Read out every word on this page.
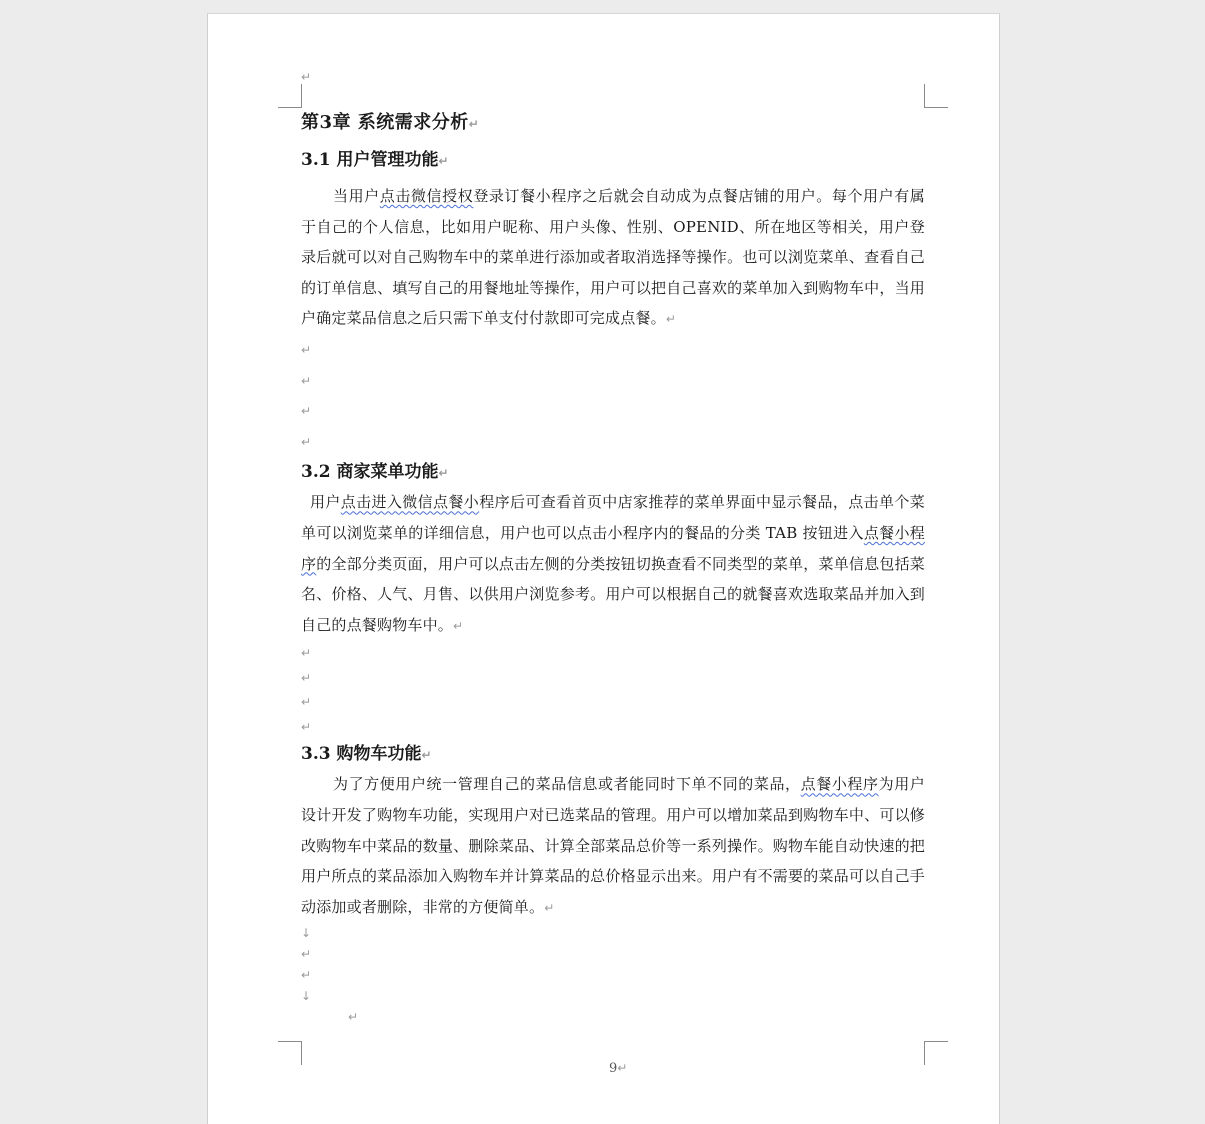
↵
第3章 系统需求分析↵
3.1 用户管理功能↵

当用户点击微信授权登录订餐小程序之后就会自动成为点餐店铺的用户。每个用户有属于自己的个人信息，比如用户昵称、用户头像、性别、OPENID、所在地区等相关，用户登录后就可以对自己购物车中的菜单进行添加或者取消选择等操作。也可以浏览菜单、查看自己的订单信息、填写自己的用餐地址等操作，用户可以把自己喜欢的菜单加入到购物车中，当用户确定菜品信息之后只需下单支付付款即可完成点餐。↵

↵
↵
↵
↵
3.2 商家菜单功能↵

用户点击进入微信点餐小程序后可查看首页中店家推荐的菜单界面中显示餐品，点击单个菜单可以浏览菜单的详细信息，用户也可以点击小程序内的餐品的分类 TAB 按钮进入点餐小程序的全部分类页面，用户可以点击左侧的分类按钮切换查看不同类型的菜单，菜单信息包括菜名、价格、人气、月售、以供用户浏览参考。用户可以根据自己的就餐喜欢选取菜品并加入到自己的点餐购物车中。↵

↵
↵
↵
↵
3.3 购物车功能↵

为了方便用户统一管理自己的菜品信息或者能同时下单不同的菜品，点餐小程序为用户设计开发了购物车功能，实现用户对已选菜品的管理。用户可以增加菜品到购物车中、可以修改购物车中菜品的数量、删除菜品、计算全部菜品总价等一系列操作。购物车能自动快速的把用户所点的菜品添加入购物车并计算菜品的总价格显示出来。用户有不需要的菜品可以自己手动添加或者删除，非常的方便简单。↵

↓
↵
↵
↓
↵
9↵
